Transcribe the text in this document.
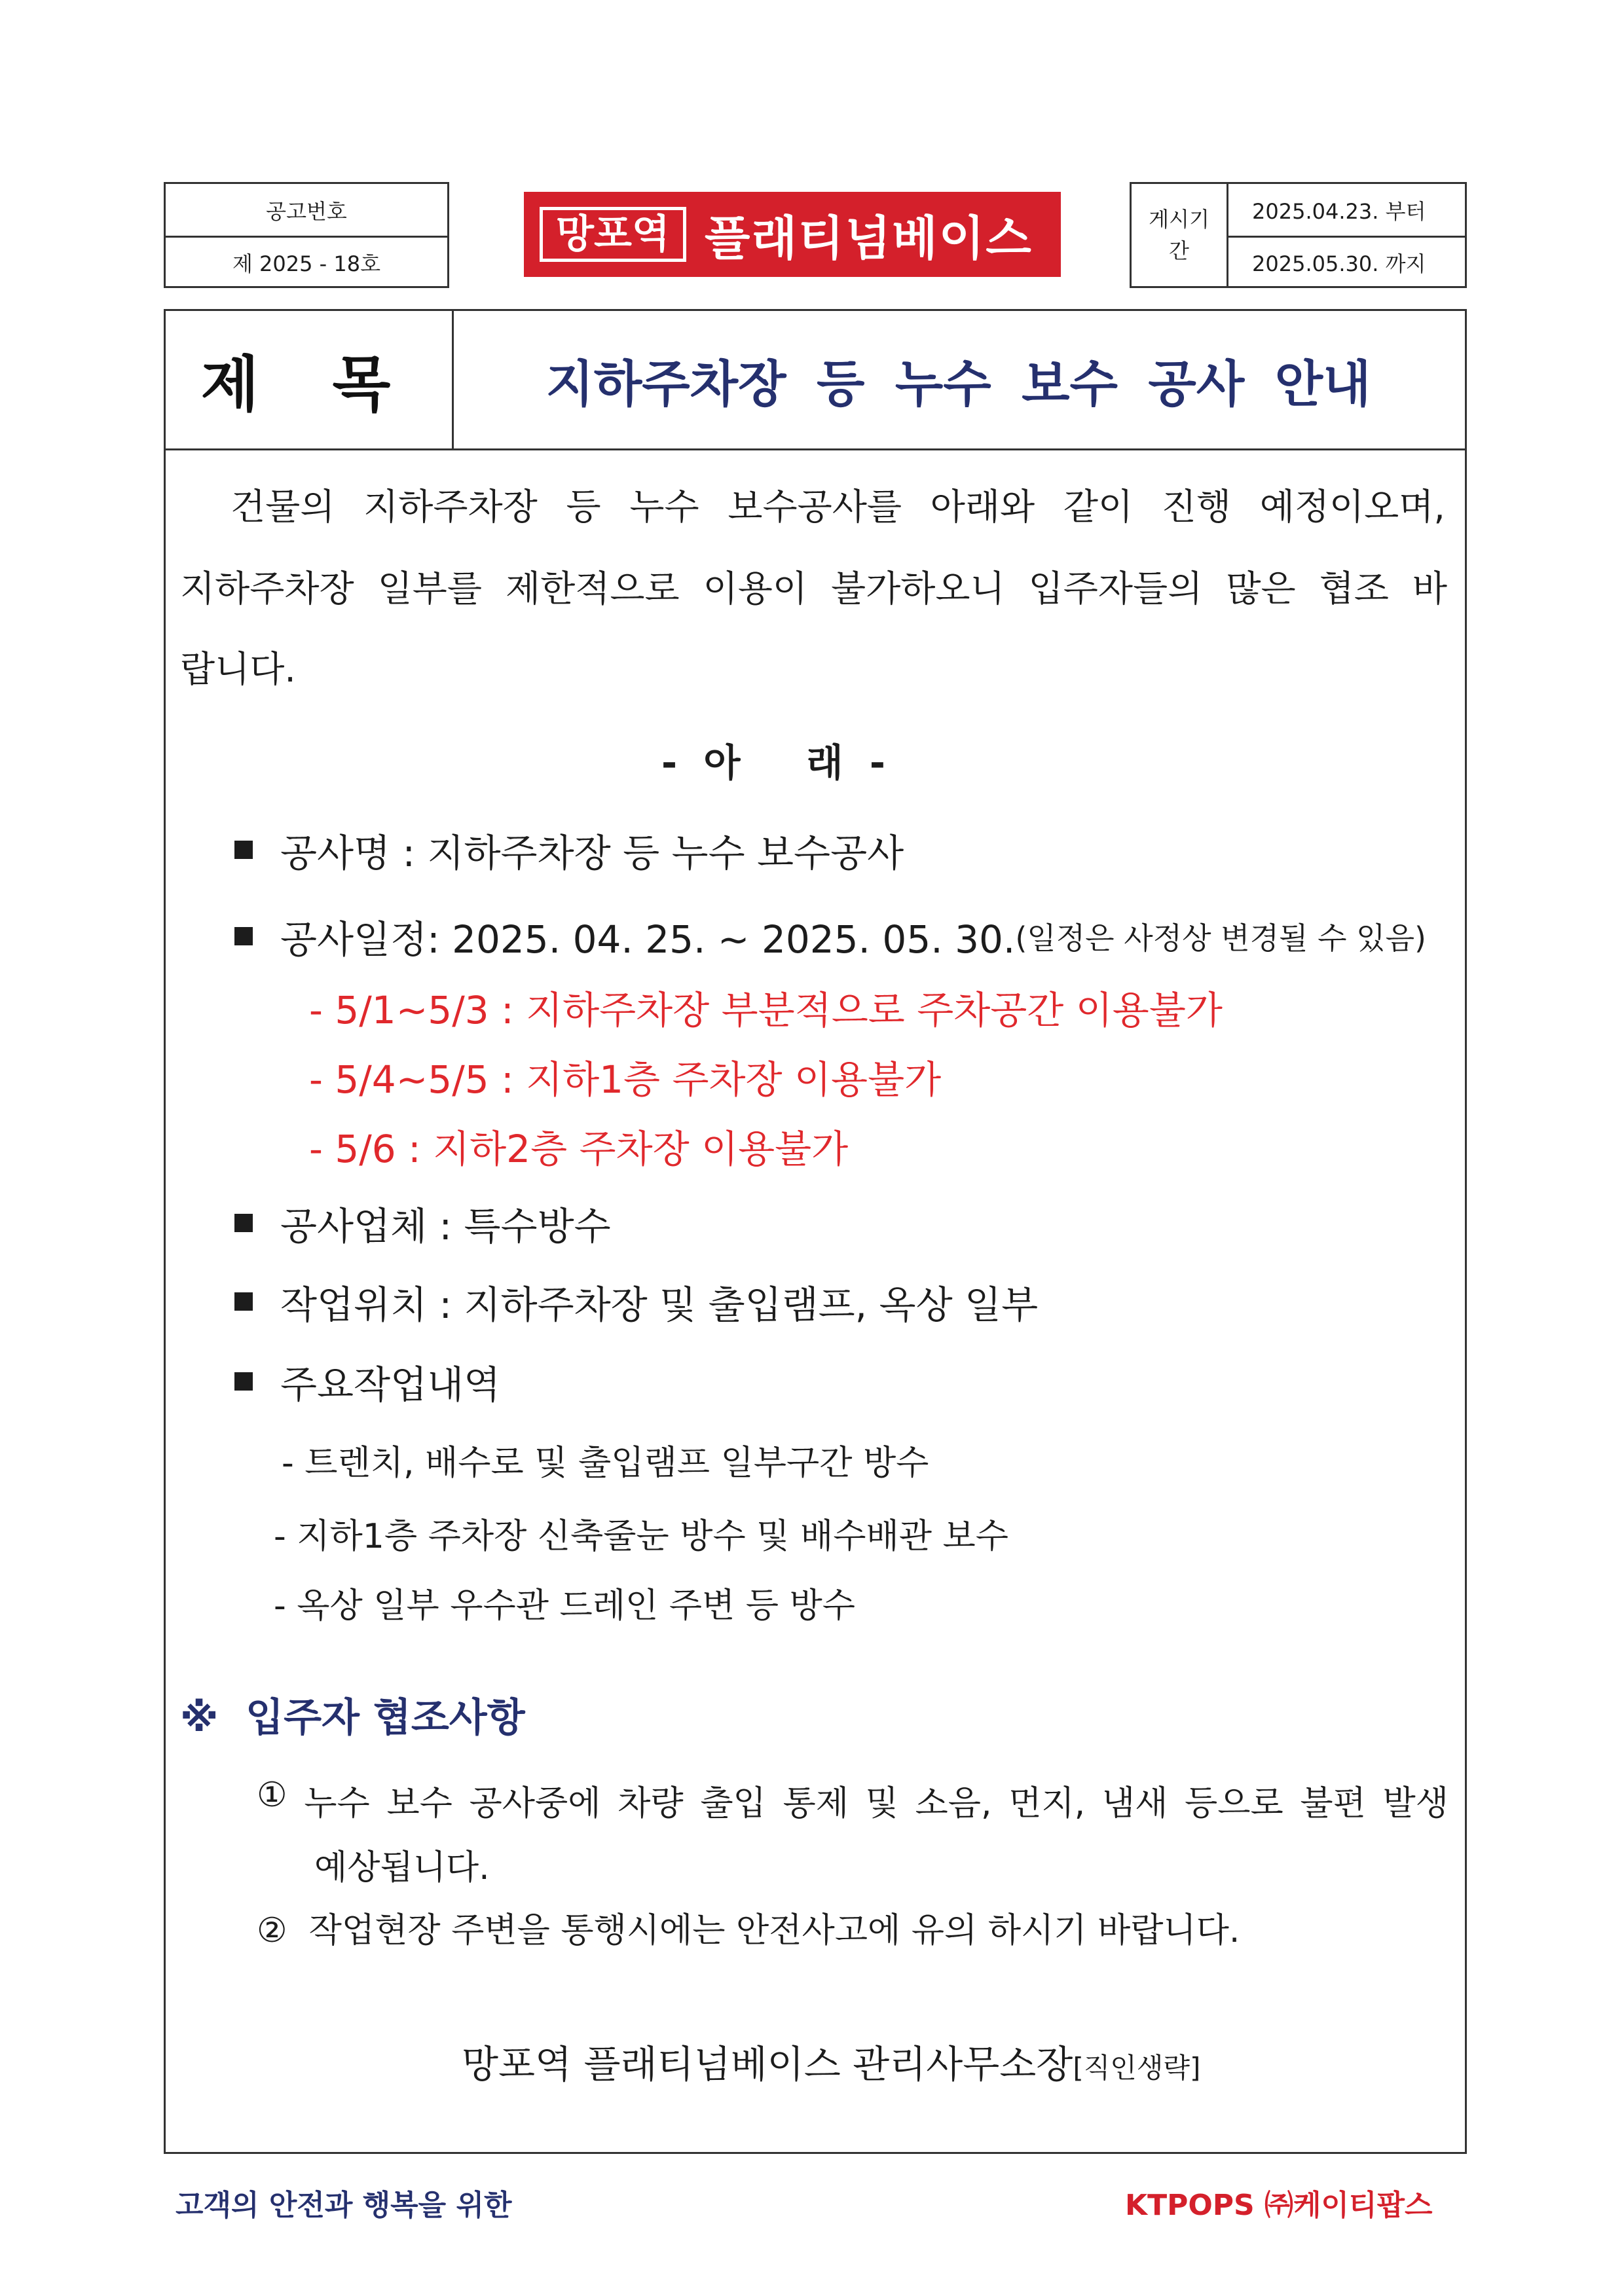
공고번호
제 2025 - 18호
망포역 플래티넘베이스	게시기간
2025.04.23. 부터
2025.05.30. 까지
제 목	지하주차장 등 누수 보수 공사 안내
건물의 지하주차장 등 누수 보수공사를 아래와 같이 진행 예정이오며,
지하주차장 일부를 제한적으로 이용이 불가하오니 입주자들의 많은 협조 바
랍니다.
-  아     래  -
공사명 : 지하주차장 등 누수 보수공사
공사일정: 2025. 04. 25. ~ 2025. 05. 30. (일정은 사정상 변경될 수 있음)
- 5/1~5/3 : 지하주차장 부분적으로 주차공간 이용불가
- 5/4~5/5 : 지하1층 주차장 이용불가
- 5/6 : 지하2층 주차장 이용불가
공사업체 : 특수방수
작업위치 : 지하주차장 및 출입램프, 옥상 일부
주요작업내역
- 트렌치, 배수로 및 출입램프 일부구간 방수
- 지하1층 주차장 신축줄눈 방수 및 배수배관 보수
- 옥상 일부 우수관 드레인 주변 등 방수
※  입주자 협조사항
① 누수 보수 공사중에 차량 출입 통제 및 소음, 먼지, 냄새 등으로 불편 발생
예상됩니다.
②  작업현장 주변을 통행시에는 안전사고에 유의 하시기 바랍니다.
망포역 플래티넘베이스 관리사무소장[직인생략]
고객의 안전과 행복을 위한	KTPOPS ㈜케이티팝스
